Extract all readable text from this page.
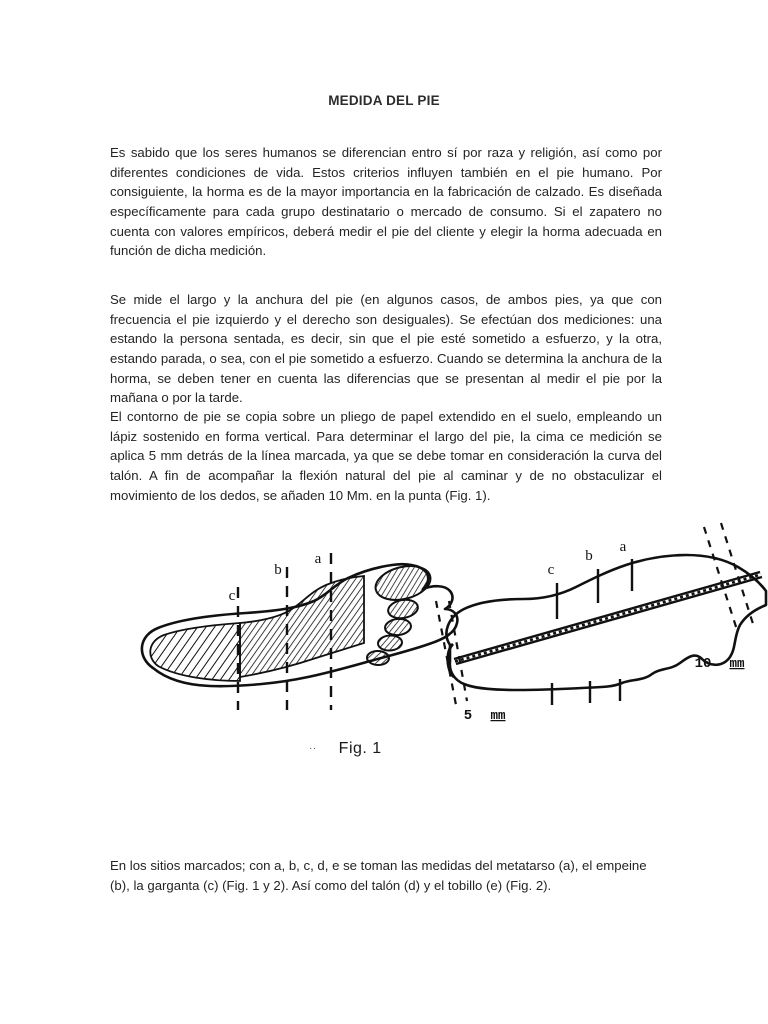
MEDIDA DEL PIE

Es sabido que los seres humanos se diferencian entro sí por raza y religión, así como por diferentes condiciones de vida. Estos criterios influyen también en el pie humano. Por consiguiente, la horma es de la mayor importancia en la fabricación de calzado. Es diseñada específicamente para cada grupo destinatario o mercado de consumo. Si el zapatero no cuenta con valores empíricos, deberá medir el pie del cliente y elegir la horma adecuada en función de dicha medición.

Se mide el largo y la anchura del pie (en algunos casos, de ambos pies, ya que con frecuencia el pie izquierdo y el derecho son desiguales). Se efectúan dos mediciones: una estando la persona sentada, es decir, sin que el pie esté sometido a esfuerzo, y la otra, estando parada, o sea, con el pie sometido a esfuerzo. Cuando se determina la anchura de la horma, se deben tener en cuenta las diferencias que se presentan al medir el pie por la mañana o por la tarde.

El contorno de pie se copia sobre un pliego de papel extendido en el suelo, empleando un lápiz sostenido en forma vertical. Para determinar el largo del pie, la cima ce medición se aplica 5 mm detrás de la línea marcada, ya que se debe tomar en consideración la curva del talón. A fin de acompañar la flexión natural del pie al caminar y de no obstaculizar el movimiento de los dedos, se añaden 10 Mm. en la punta (Fig. 1).

c
b
a
c
b
a
5 mm
10 mm
·· Fig. 1

En los sitios marcados; con a, b, c, d, e se toman las medidas del metatarso (a), el empeine (b), la garganta (c) (Fig. 1 y 2). Así como del talón (d) y el tobillo (e) (Fig. 2).
